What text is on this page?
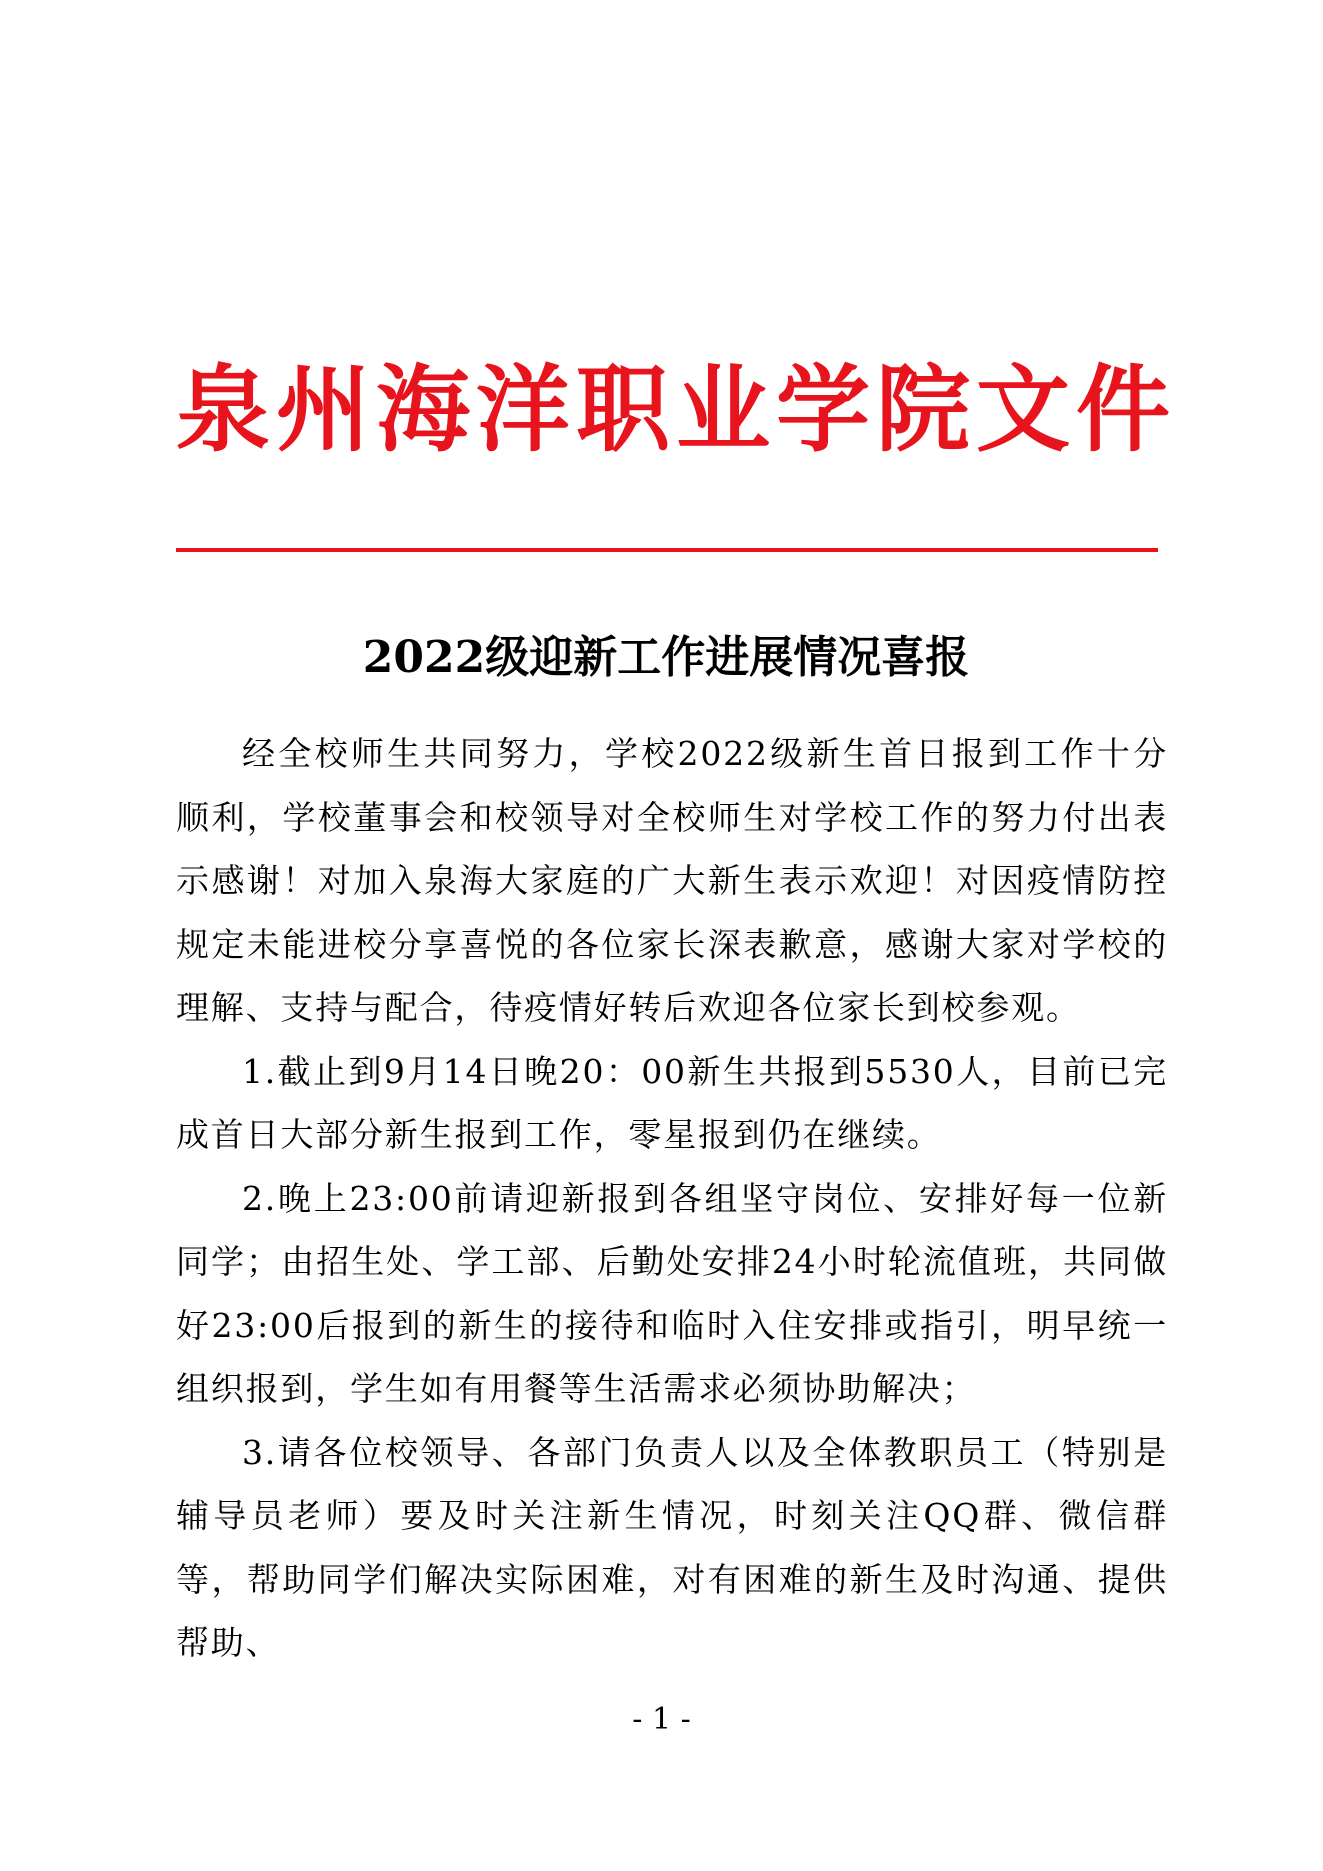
泉州海洋职业学院文件
2022级迎新工作进展情况喜报

经全校师生共同努力，学校2022级新生首日报到工作十分顺利，学校董事会和校领导对全校师生对学校工作的努力付出表示感谢！对加入泉海大家庭的广大新生表示欢迎！对因疫情防控规定未能进校分享喜悦的各位家长深表歉意，感谢大家对学校的理解、支持与配合，待疫情好转后欢迎各位家长到校参观。

1.截止到9月14日晚20：00新生共报到5530人，目前已完成首日大部分新生报到工作，零星报到仍在继续。

2.晚上23:00前请迎新报到各组坚守岗位、安排好每一位新同学；由招生处、学工部、后勤处安排24小时轮流值班，共同做好23:00后报到的新生的接待和临时入住安排或指引，明早统一组织报到，学生如有用餐等生活需求必须协助解决；

3.请各位校领导、各部门负责人以及全体教职员工（特别是辅导员老师）要及时关注新生情况，时刻关注QQ群、微信群等，帮助同学们解决实际困难，对有困难的新生及时沟通、提供帮助、

- 1 -
